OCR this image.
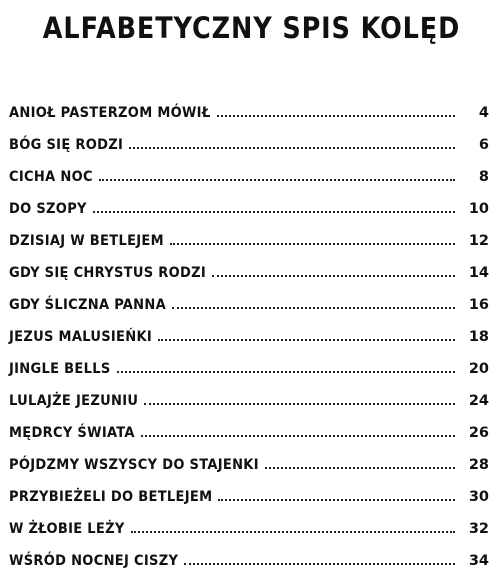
ALFABETYCZNY SPIS KOLĘD
ANIOŁ PASTERZOM MÓWIŁ	4
BÓG SIĘ RODZI	6
CICHA NOC	8
DO SZOPY	10
DZISIAJ W BETLEJEM	12
GDY SIĘ CHRYSTUS RODZI	14
GDY ŚLICZNA PANNA	16
JEZUS MALUSIEŃKI	18
JINGLE BELLS	20
LULAJŻE JEZUNIU	24
MĘDRCY ŚWIATA	26
PÓJDZMY WSZYSCY DO STAJENKI	28
PRZYBIEŻELI DO BETLEJEM	30
W ŻŁOBIE LEŻY	32
WŚRÓD NOCNEJ CISZY	34
